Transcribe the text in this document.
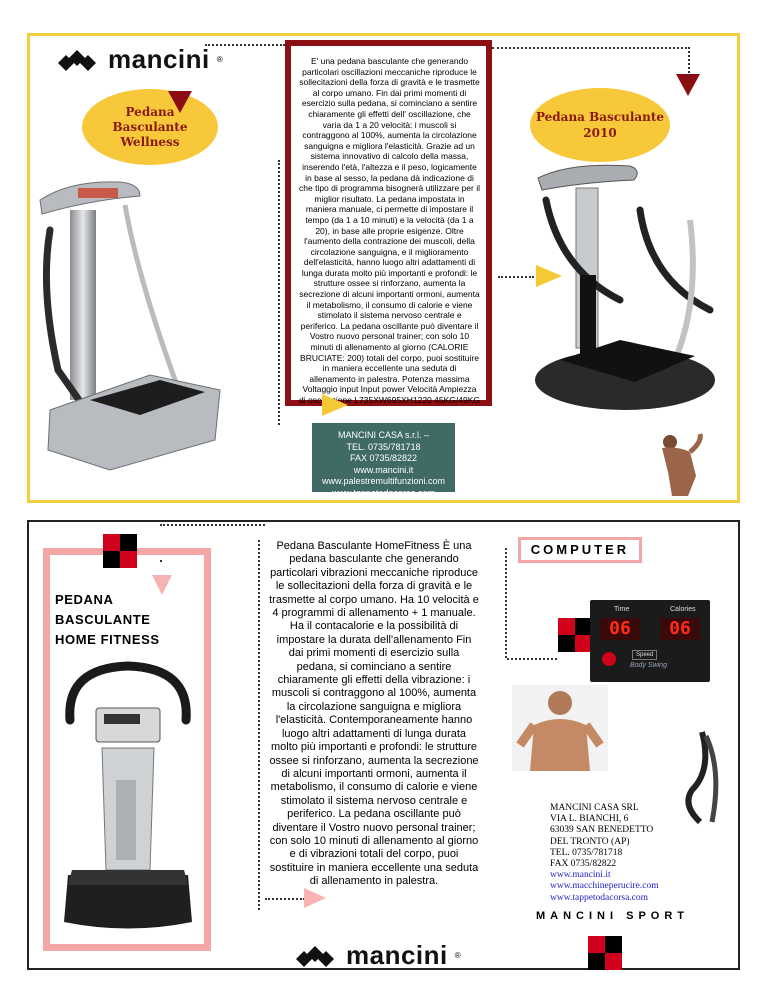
mancini ®
Pedana
Basculante
Wellness
Pedana Basculante
2010
E' una pedana basculante che generando particolari oscillazioni meccaniche riproduce le sollecitazioni della forza di gravità e le trasmette al corpo umano. Fin dai primi momenti di esercizio sulla pedana, si cominciano a sentire chiaramente gli effetti dell' oscillazione, che varia da 1 a 20 velocità: i muscoli si contraggono al 100%, aumenta la circolazione sanguigna e migliora l'elasticità. Grazie ad un sistema innovativo di calcolo della massa, inserendo l'età, l'altezza e il peso, logicamente in base al sesso, la pedana dà indicazione di che tipo di programma bisognerà utilizzare per il miglior risultato. La pedana impostata in maniera manuale, ci permette di impostare il tempo (da 1 a 10 minuti) e la velocità (da 1 a 20), in base alle proprie esigenze. Oltre l'aumento della contrazione dei muscoli, della circolazione sanguigna, e il miglioramento dell'elasticità, hanno luogo altri adattamenti di lunga durata molto più importanti e profondi: le strutture ossee si rinforzano, aumenta la secrezione di alcuni importanti ormoni, aumenta il metabolismo, il consumo di calorie e viene stimolato il sistema nervoso centrale e periferico. La pedana oscillante può diventare il Vostro nuovo personal trainer; con solo 10 minuti di allenamento al giorno (CALORIE BRUCIATE: 200) totali del corpo, puoi sostituire in maniera eccellente una seduta di allenamento in palestra. Potenza massima Voltaggio input Input power Velocità Ampiezza di oscillazione L735XW695XH1220 45KG/49KG
MANCINI CASA s.r.l. –
TEL. 0735/781718
FAX 0735/82822
www.mancini.it
www.palestremultifunzioni.com
www.tappetodacorsa.com
PEDANA
BASCULANTE
HOME FITNESS
Pedana Basculante HomeFitness È una pedana basculante che generando particolari vibrazioni meccaniche riproduce le sollecitazioni della forza di gravità e le trasmette al corpo umano. Ha 10 velocità e 4 programmi di allenamento + 1 manuale. Ha il contacalorie e la possibilità di impostare la durata dell'allenamento Fin dai primi momenti di esercizio sulla pedana, si cominciano a sentire chiaramente gli effetti della vibrazione: i muscoli si contraggono al 100%, aumenta la circolazione sanguigna e migliora l'elasticità. Contemporaneamente hanno luogo altri adattamenti di lunga durata molto più importanti e profondi: le strutture ossee si rinforzano, aumenta la secrezione di alcuni importanti ormoni, aumenta il metabolismo, il consumo di calorie e viene stimolato il sistema nervoso centrale e periferico. La pedana oscillante può diventare il Vostro nuovo personal trainer; con solo 10 minuti di allenamento al giorno e di vibrazioni totali del corpo, puoi sostituire in maniera eccellente una seduta di allenamento in palestra.
COMPUTER
Time	Calories
06	06
Speed
Body Swing
MANCINI CASA SRL
VIA L. BIANCHI, 6
63039 SAN BENEDETTO
DEL TRONTO (AP)
TEL. 0735/781718
FAX 0735/82822
www.mancini.it
www.macchineperucire.com
www.tappetodacorsa.com
MANCINI SPORT
mancini ®
